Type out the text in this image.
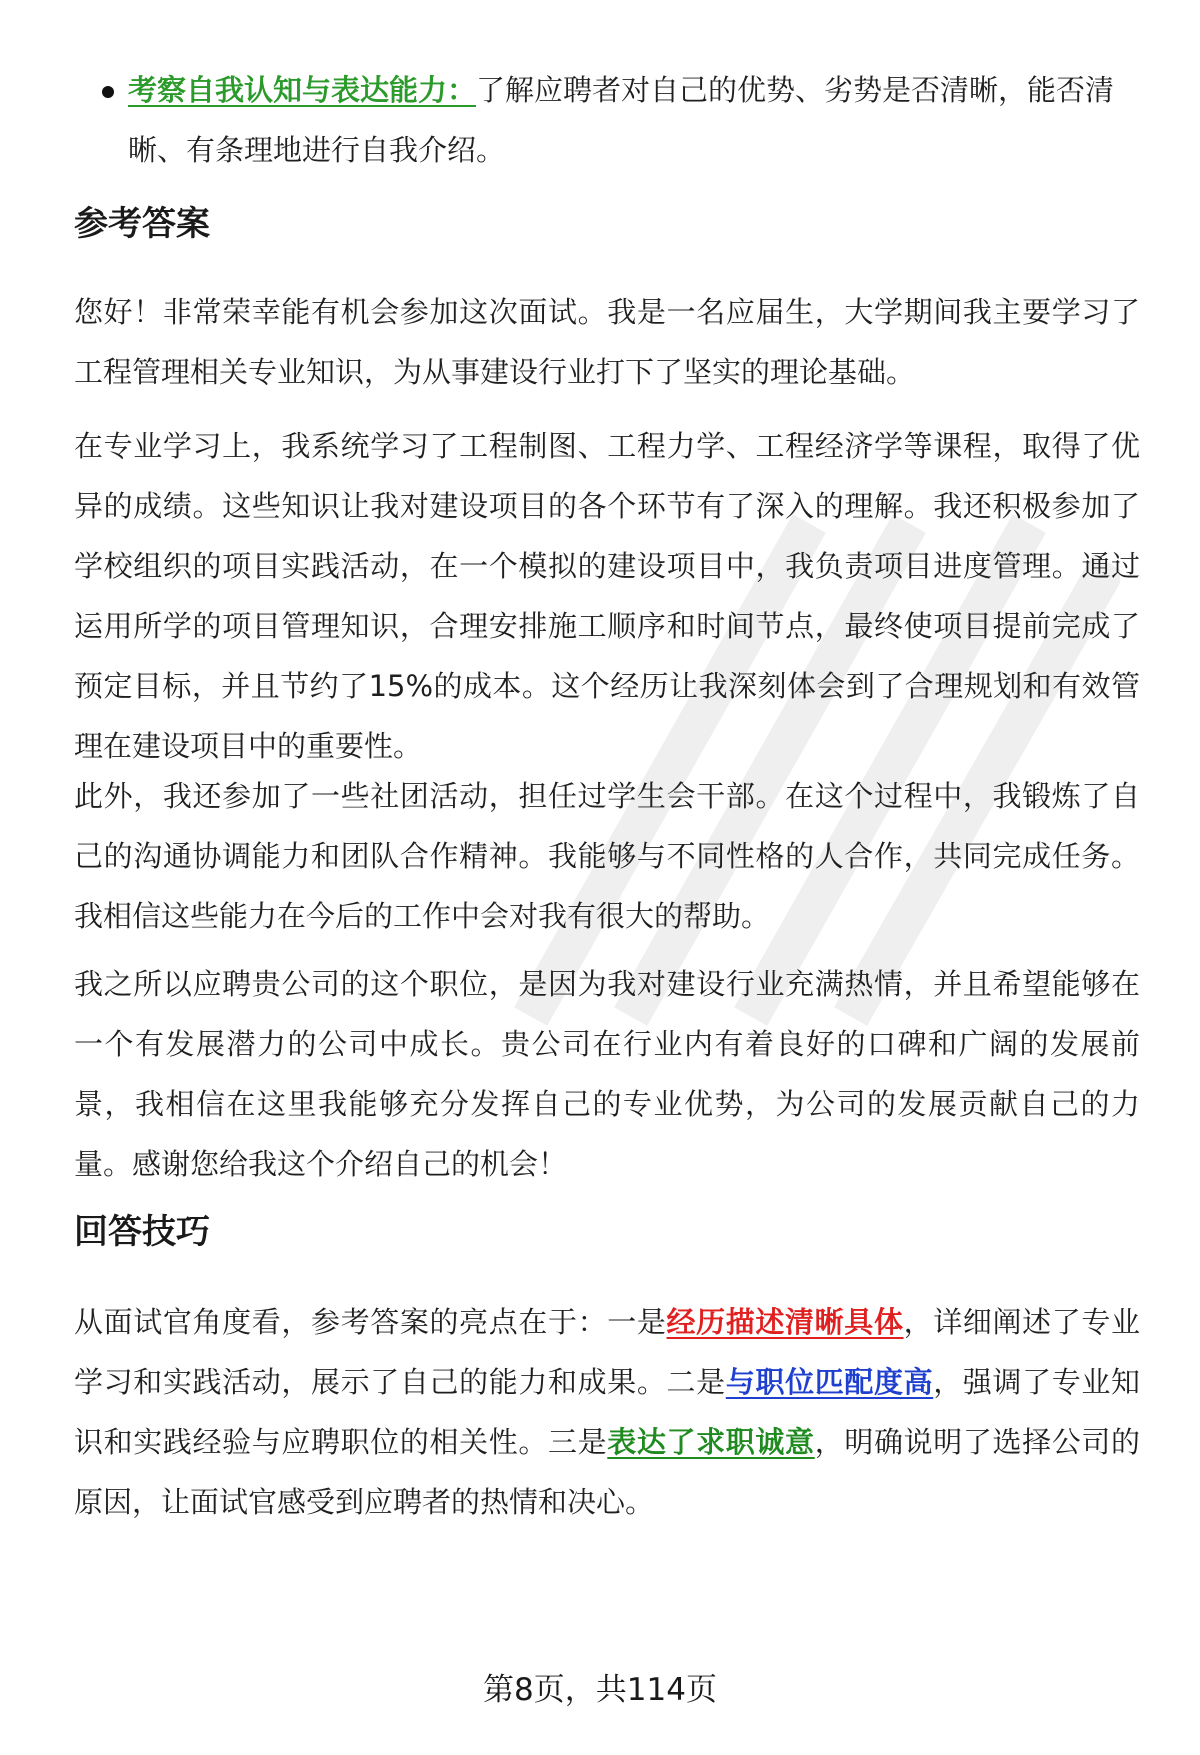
考察自我认知与表达能力：了解应聘者对自己的优势、劣势是否清晰，能否清晰、有条理地进行自我介绍。
参考答案
您好！非常荣幸能有机会参加这次面试。我是一名应届生，大学期间我主要学习了工程管理相关专业知识，为从事建设行业打下了坚实的理论基础。
在专业学习上，我系统学习了工程制图、工程力学、工程经济学等课程，取得了优异的成绩。这些知识让我对建设项目的各个环节有了深入的理解。我还积极参加了学校组织的项目实践活动，在一个模拟的建设项目中，我负责项目进度管理。通过运用所学的项目管理知识，合理安排施工顺序和时间节点，最终使项目提前完成了预定目标，并且节约了15%的成本。这个经历让我深刻体会到了合理规划和有效管理在建设项目中的重要性。
此外，我还参加了一些社团活动，担任过学生会干部。在这个过程中，我锻炼了自己的沟通协调能力和团队合作精神。我能够与不同性格的人合作，共同完成任务。我相信这些能力在今后的工作中会对我有很大的帮助。
我之所以应聘贵公司的这个职位，是因为我对建设行业充满热情，并且希望能够在一个有发展潜力的公司中成长。贵公司在行业内有着良好的口碑和广阔的发展前景，我相信在这里我能够充分发挥自己的专业优势，为公司的发展贡献自己的力量。感谢您给我这个介绍自己的机会！
回答技巧
从面试官角度看，参考答案的亮点在于：一是经历描述清晰具体，详细阐述了专业学习和实践活动，展示了自己的能力和成果。二是与职位匹配度高，强调了专业知识和实践经验与应聘职位的相关性。三是表达了求职诚意，明确说明了选择公司的原因，让面试官感受到应聘者的热情和决心。
第8页，共114页
